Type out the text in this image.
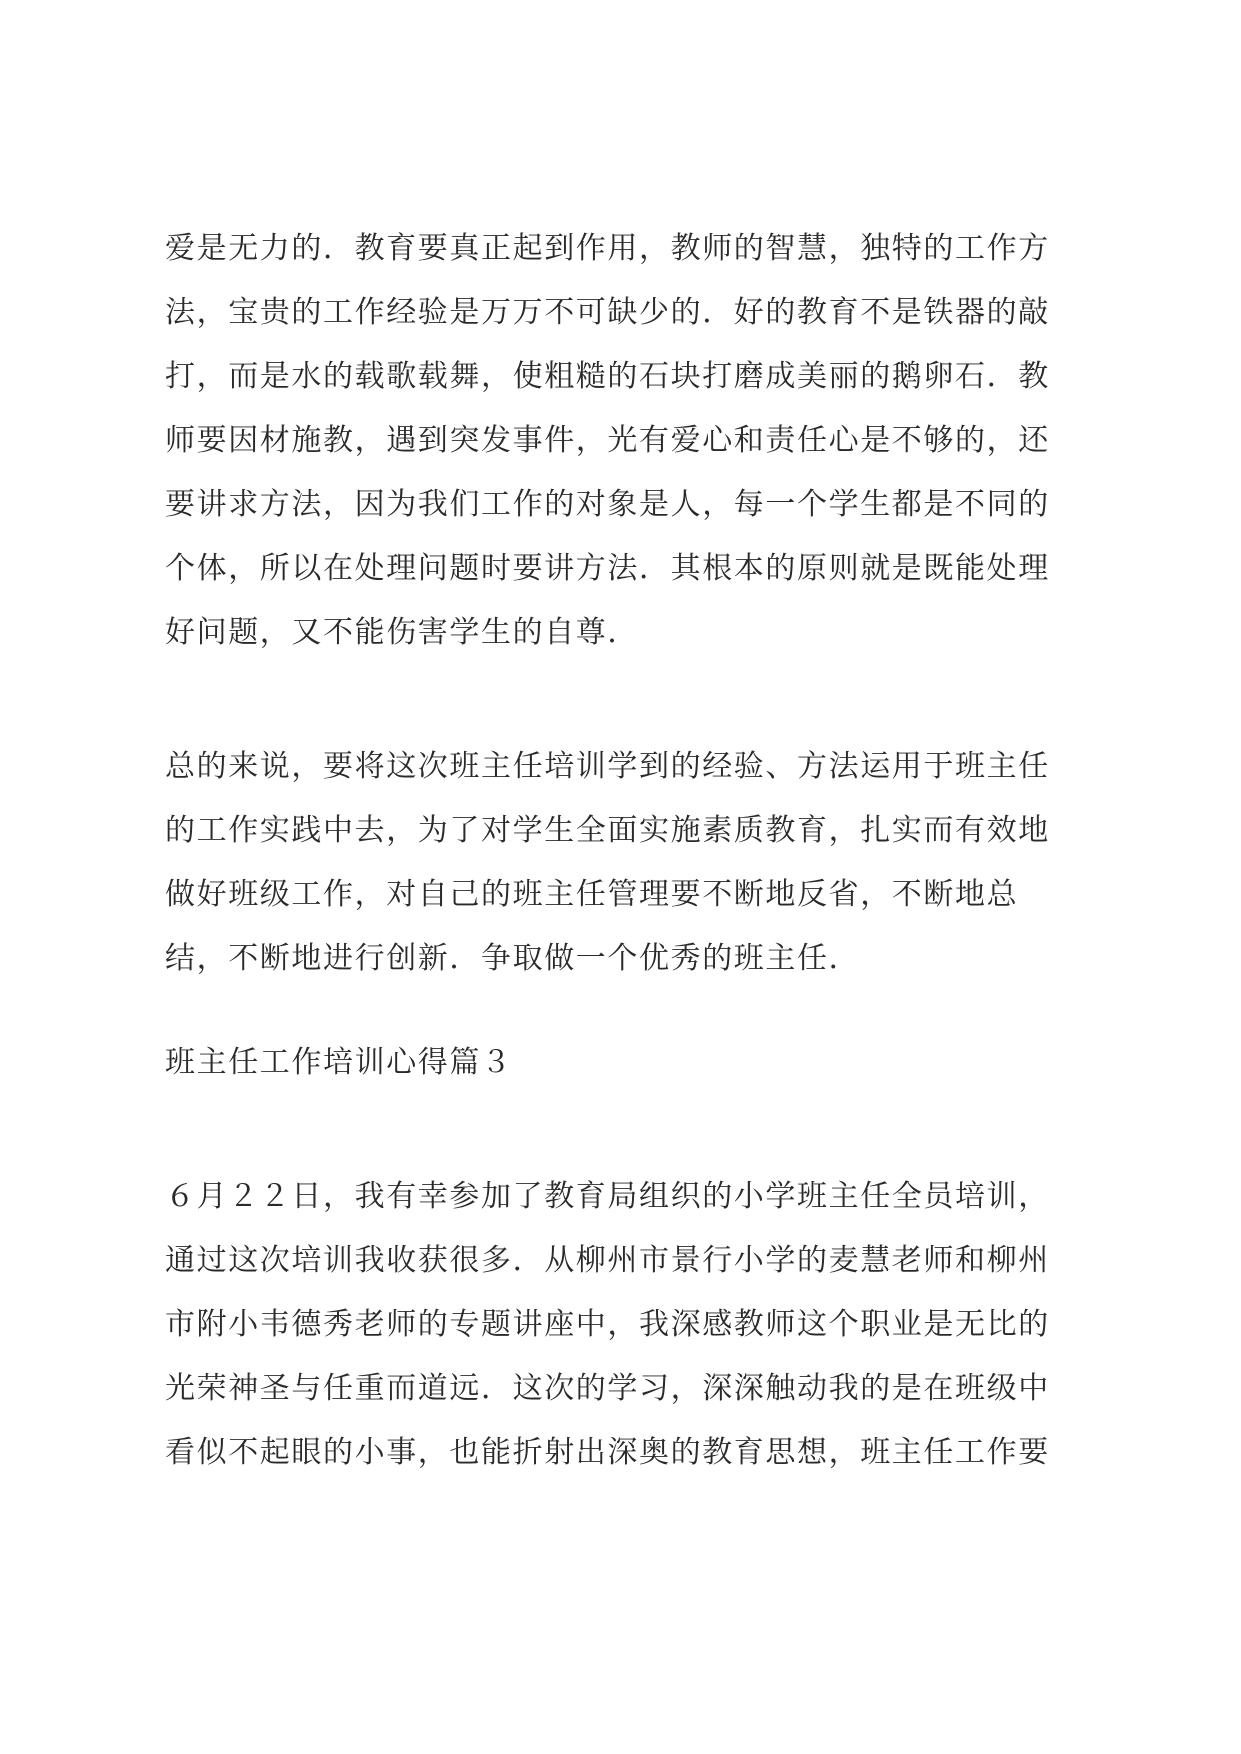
爱是无力的．教育要真正起到作用，教师的智慧，独特的工作方
法，宝贵的工作经验是万万不可缺少的．好的教育不是铁器的敲
打，而是水的载歌载舞，使粗糙的石块打磨成美丽的鹅卵石．教
师要因材施教，遇到突发事件，光有爱心和责任心是不够的，还
要讲求方法，因为我们工作的对象是人，每一个学生都是不同的
个体，所以在处理问题时要讲方法．其根本的原则就是既能处理
好问题，又不能伤害学生的自尊．
总的来说，要将这次班主任培训学到的经验、方法运用于班主任
的工作实践中去，为了对学生全面实施素质教育，扎实而有效地
做好班级工作，对自己的班主任管理要不断地反省，不断地总
结，不断地进行创新．争取做一个优秀的班主任．
班主任工作培训心得篇３
６月２２日，我有幸参加了教育局组织的小学班主任全员培训，
通过这次培训我收获很多．从柳州市景行小学的麦慧老师和柳州
市附小韦德秀老师的专题讲座中，我深感教师这个职业是无比的
光荣神圣与任重而道远．这次的学习，深深触动我的是在班级中
看似不起眼的小事，也能折射出深奥的教育思想，班主任工作要
